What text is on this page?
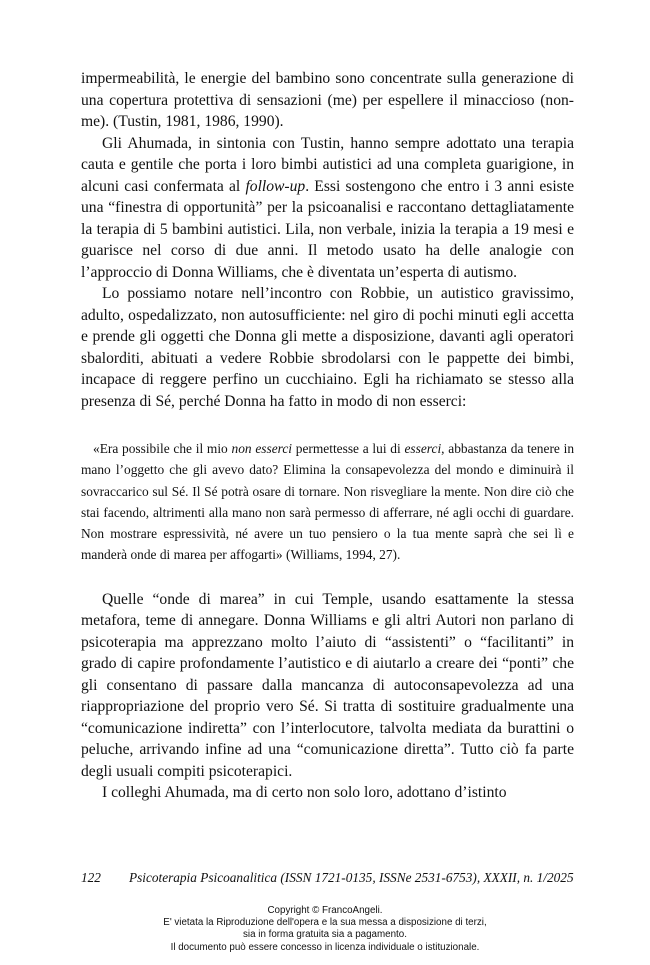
impermeabilità, le energie del bambino sono concentrate sulla generazione di una copertura protettiva di sensazioni (me) per espellere il minaccioso (non-me). (Tustin, 1981, 1986, 1990).

Gli Ahumada, in sintonia con Tustin, hanno sempre adottato una terapia cauta e gentile che porta i loro bimbi autistici ad una completa guarigione, in alcuni casi confermata al follow-up. Essi sostengono che entro i 3 anni esiste una “finestra di opportunità” per la psicoanalisi e raccontano dettagliatamente la terapia di 5 bambini autistici. Lila, non verbale, inizia la terapia a 19 mesi e guarisce nel corso di due anni. Il metodo usato ha delle analogie con l’approccio di Donna Williams, che è diventata un’esperta di autismo.

Lo possiamo notare nell’incontro con Robbie, un autistico gravissimo, adulto, ospedalizzato, non autosufficiente: nel giro di pochi minuti egli accetta e prende gli oggetti che Donna gli mette a disposizione, davanti agli operatori sbalorditi, abituati a vedere Robbie sbrodolarsi con le pappette dei bimbi, incapace di reggere perfino un cucchiaino. Egli ha richiamato se stesso alla presenza di Sé, perché Donna ha fatto in modo di non esserci:

«Era possibile che il mio non esserci permettesse a lui di esserci, abbastanza da tenere in mano l’oggetto che gli avevo dato? Elimina la consapevolezza del mondo e diminuirà il sovraccarico sul Sé. Il Sé potrà osare di tornare. Non risvegliare la mente. Non dire ciò che stai facendo, altrimenti alla mano non sarà permesso di afferrare, né agli occhi di guardare. Non mostrare espressività, né avere un tuo pensiero o la tua mente saprà che sei lì e manderà onde di marea per affogarti» (Williams, 1994, 27).

Quelle “onde di marea” in cui Temple, usando esattamente la stessa metafora, teme di annegare. Donna Williams e gli altri Autori non parlano di psicoterapia ma apprezzano molto l’aiuto di “assistenti” o “facilitanti” in grado di capire profondamente l’autistico e di aiutarlo a creare dei “ponti” che gli consentano di passare dalla mancanza di autoconsapevolezza ad una riappropriazione del proprio vero Sé. Si tratta di sostituire gradualmente una “comunicazione indiretta” con l’interlocutore, talvolta mediata da burattini o peluche, arrivando infine ad una “comunicazione diretta”. Tutto ciò fa parte degli usuali compiti psicoterapici.

I colleghi Ahumada, ma di certo non solo loro, adottano d’istinto

122 Psicoterapia Psicoanalitica (ISSN 1721-0135, ISSNe 2531-6753), XXXII, n. 1/2025
Copyright © FrancoAngeli.
E' vietata la Riproduzione dell'opera e la sua messa a disposizione di terzi,
sia in forma gratuita sia a pagamento.
Il documento può essere concesso in licenza individuale o istituzionale.
